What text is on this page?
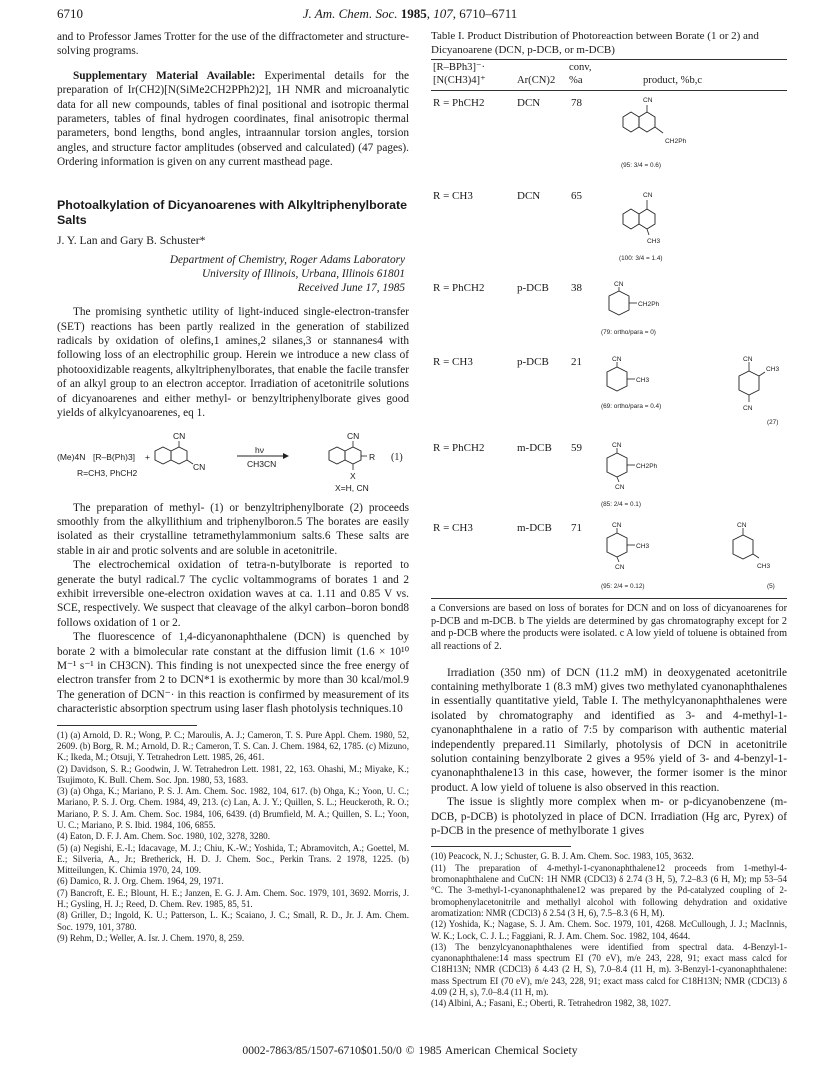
6710	J. Am. Chem. Soc. 1985, 107, 6710–6711

and to Professor James Trotter for the use of the diffractometer and structure-solving programs.

Supplementary Material Available: Experimental details for the preparation of Ir(CH2)[N(SiMe2CH2PPh2)2], 1H NMR and microanalytic data for all new compounds, tables of final positional and isotropic thermal parameters, tables of final hydrogen coordinates, final anisotropic thermal parameters, bond lengths, bond angles, intraannular torsion angles, torsion angles, and structure factor amplitudes (observed and calculated) (47 pages). Ordering information is given on any current masthead page.

Photoalkylation of Dicyanoarenes with Alkyltriphenylborate Salts
J. Y. Lan and Gary B. Schuster*
Department of Chemistry, Roger Adams Laboratory
University of Illinois, Urbana, Illinois 61801
Received June 17, 1985

The promising synthetic utility of light-induced single-electron-transfer (SET) reactions has been partly realized in the generation of stabilized radicals by oxidation of olefins,1 amines,2 silanes,3 or stannanes4 with following loss of an electrophilic group. Herein we introduce a new class of photooxidizable reagents, alkyltriphenylborates, that enable the facile transfer of an alkyl group to an electron acceptor. Irradiation of acetonitrile solutions of dicyanoarenes and either methyl- or benzyltriphenylborate gives good yields of alkylcyanoarenes, eq 1.

(Me)4N [R–B(Ph)3] +
R=CH3, PhCH2
CN
CN
hν
CH3CN
CN
R
X
X=H, CN
(1)

The preparation of methyl- (1) or benzyltriphenylborate (2) proceeds smoothly from the alkyllithium and triphenylboron.5 The borates are easily isolated as their crystalline tetramethylammonium salts.6 These salts are stable in air and protic solvents and are soluble in acetonitrile.

The electrochemical oxidation of tetra-n-butylborate is reported to generate the butyl radical.7 The cyclic voltammograms of borates 1 and 2 exhibit irreversible one-electron oxidation waves at ca. 1.11 and 0.85 V vs. SCE, respectively. We suspect that cleavage of the alkyl carbon–boron bond8 follows oxidation of 1 or 2.

The fluorescence of 1,4-dicyanonaphthalene (DCN) is quenched by borate 2 with a bimolecular rate constant at the diffusion limit (1.6 × 10¹⁰ M⁻¹ s⁻¹ in CH3CN). This finding is not unexpected since the free energy of electron transfer from 2 to DCN*1 is exothermic by more than 30 kcal/mol.9 The generation of DCN⁻· in this reaction is confirmed by measurement of its characteristic absorption spectrum using laser flash photolysis techniques.10

(1) (a) Arnold, D. R.; Wong, P. C.; Maroulis, A. J.; Cameron, T. S. Pure Appl. Chem. 1980, 52, 2609. (b) Borg, R. M.; Arnold, D. R.; Cameron, T. S. Can. J. Chem. 1984, 62, 1785. (c) Mizuno, K.; Ikeda, M.; Otsuji, Y. Tetrahedron Lett. 1985, 26, 461.

(2) Davidson, S. R.; Goodwin, J. W. Tetrahedron Lett. 1981, 22, 163. Ohashi, M.; Miyake, K.; Tsujimoto, K. Bull. Chem. Soc. Jpn. 1980, 53, 1683.

(3) (a) Ohga, K.; Mariano, P. S. J. Am. Chem. Soc. 1982, 104, 617. (b) Ohga, K.; Yoon, U. C.; Mariano, P. S. J. Org. Chem. 1984, 49, 213. (c) Lan, A. J. Y.; Quillen, S. L.; Heuckeroth, R. O.; Mariano, P. S. J. Am. Chem. Soc. 1984, 106, 6439. (d) Brumfield, M. A.; Quillen, S. L.; Yoon, U. C.; Mariano, P. S. Ibid. 1984, 106, 6855.

(4) Eaton, D. F. J. Am. Chem. Soc. 1980, 102, 3278, 3280.

(5) (a) Negishi, E.-I.; Idacavage, M. J.; Chiu, K.-W.; Yoshida, T.; Abramovitch, A.; Goettel, M. E.; Silveria, A., Jr.; Bretherick, H. D. J. Chem. Soc., Perkin Trans. 2 1978, 1225. (b) Mitteilungen, K. Chimia 1970, 24, 109.

(6) Damico, R. J. Org. Chem. 1964, 29, 1971.

(7) Bancroft, E. E.; Blount, H. E.; Janzen, E. G. J. Am. Chem. Soc. 1979, 101, 3692. Morris, J. H.; Gysling, H. J.; Reed, D. Chem. Rev. 1985, 85, 51.

(8) Griller, D.; Ingold, K. U.; Patterson, L. K.; Scaiano, J. C.; Small, R. D., Jr. J. Am. Chem. Soc. 1979, 101, 3780.

(9) Rehm, D.; Weller, A. Isr. J. Chem. 1970, 8, 259.

Table I. Product Distribution of Photoreaction between Borate (1 or 2) and Dicyanoarene (DCN, p-DCB, or m-DCB)
[R–BPh3]⁻·
[N(CH3)4]⁺	Ar(CN)2
conv,
%a	product, %b,c
R = PhCH2	DCN	78	CN
CH2Ph
(95: 3/4 = 0.6)
R = CH3	DCN	65	CN
CH3
(100: 3/4 = 1.4)
R = PhCH2	p-DCB 38	CN
CH2Ph
(79: ortho/para = 0)
R = CH3	p-DCB 21	CN
CH3
(69: ortho/para = 0.4)
CN
CH3
CN
(27)
R = PhCH2	m-DCB 59	CN
CH2Ph
CN
(85: 2/4 = 0.1)
R = CH3	m-DCB 71	CN
CH3
CN
(95: 2/4 = 0.12)
CN
CH3
(5)

a Conversions are based on loss of borates for DCN and on loss of dicyanoarenes for p-DCB and m-DCB. b The yields are determined by gas chromatography except for 2 and p-DCB where the products were isolated. c A low yield of toluene is obtained from all reactions of 2.

Irradiation (350 nm) of DCN (11.2 mM) in deoxygenated acetonitrile containing methylborate 1 (8.3 mM) gives two methylated cyanonaphthalenes in essentially quantitative yield, Table I. The methylcyanonaphthalenes were isolated by chromatography and identified as 3- and 4-methyl-1-cyanonaphthalene in a ratio of 7:5 by comparison with authentic material independently prepared.11 Similarly, photolysis of DCN in acetonitrile solution containing benzylborate 2 gives a 95% yield of 3- and 4-benzyl-1-cyanonaphthalene13 in this case, however, the former isomer is the minor product. A low yield of toluene is also observed in this reaction.

The issue is slightly more complex when m- or p-dicyanobenzene (m-DCB, p-DCB) is photolyzed in place of DCN. Irradiation (Hg arc, Pyrex) of p-DCB in the presence of methylborate 1 gives

(10) Peacock, N. J.; Schuster, G. B. J. Am. Chem. Soc. 1983, 105, 3632.

(11) The preparation of 4-methyl-1-cyanonaphthalene12 proceeds from 1-methyl-4-bromonaphthalene and CuCN: 1H NMR (CDCl3) δ 2.74 (3 H, 5), 7.2–8.3 (6 H, M); mp 53–54 °C. The 3-methyl-1-cyanonaphthalene12 was prepared by the Pd-catalyzed coupling of 2-bromophenylacetonitrile and methallyl alcohol with following dehydration and oxidative aromatization: NMR (CDCl3) δ 2.54 (3 H, 6), 7.5–8.3 (6 H, M).

(12) Yoshida, K.; Nagase, S. J. Am. Chem. Soc. 1979, 101, 4268. McCullough, J. J.; MacInnis, W. K.; Lock, C. J. L.; Faggiani, R. J. Am. Chem. Soc. 1982, 104, 4644.

(13) The benzylcyanonaphthalenes were identified from spectral data. 4-Benzyl-1-cyanonaphthalene:14 mass spectrum EI (70 eV), m/e 243, 228, 91; exact mass calcd for C18H13N; NMR (CDCl3) δ 4.43 (2 H, S), 7.0–8.4 (11 H, m). 3-Benzyl-1-cyanonaphthalene: mass Spectrum EI (70 eV), m/e 243, 228, 91; exact mass calcd for C18H13N; NMR (CDCl3) δ 4.09 (2 H, s), 7.0–8.4 (11 H, m).

(14) Albini, A.; Fasani, E.; Oberti, R. Tetrahedron 1982, 38, 1027.

0002-7863/85/1507-6710$01.50/0 © 1985 American Chemical Society
